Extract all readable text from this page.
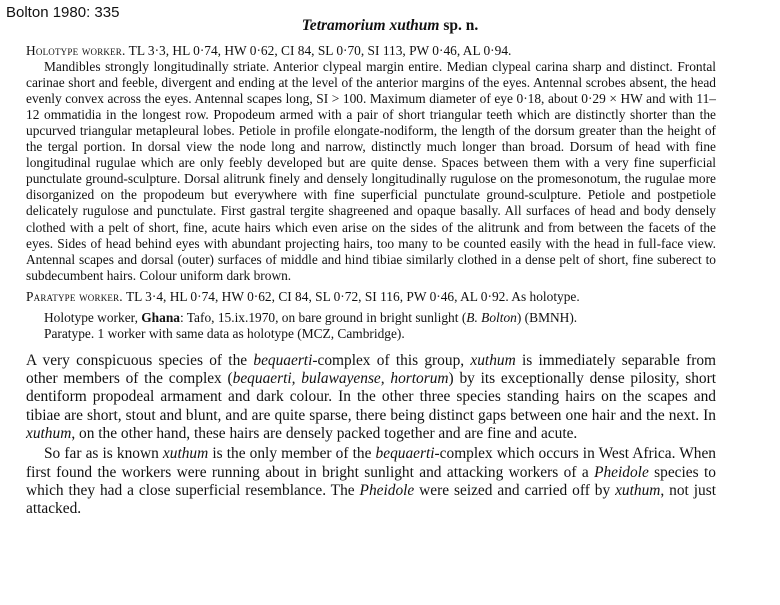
Bolton 1980: 335
Tetramorium xuthum sp. n.

Holotype worker. TL 3·3, HL 0·74, HW 0·62, CI 84, SL 0·70, SI 113, PW 0·46, AL 0·94.

Mandibles strongly longitudinally striate. Anterior clypeal margin entire. Median clypeal carina sharp and distinct. Frontal carinae short and feeble, divergent and ending at the level of the anterior margins of the eyes. Antennal scrobes absent, the head evenly convex across the eyes. Antennal scapes long, SI > 100. Maximum diameter of eye 0·18, about 0·29 × HW and with 11–12 ommatidia in the longest row. Propodeum armed with a pair of short triangular teeth which are distinctly shorter than the upcurved triangular metapleural lobes. Petiole in profile elongate-nodiform, the length of the dorsum greater than the height of the tergal portion. In dorsal view the node long and narrow, distinctly much longer than broad. Dorsum of head with fine longitudinal rugulae which are only feebly developed but are quite dense. Spaces between them with a very fine superficial punctulate ground-sculpture. Dorsal alitrunk finely and densely longitudinally rugulose on the promesonotum, the rugulae more disorganized on the propodeum but everywhere with fine superficial punctulate ground-sculpture. Petiole and postpetiole delicately rugulose and punctulate. First gastral tergite shagreened and opaque basally. All surfaces of head and body densely clothed with a pelt of short, fine, acute hairs which even arise on the sides of the alitrunk and from between the facets of the eyes. Sides of head behind eyes with abundant projecting hairs, too many to be counted easily with the head in full-face view. Antennal scapes and dorsal (outer) surfaces of middle and hind tibiae similarly clothed in a dense pelt of short, fine suberect to subdecumbent hairs. Colour uniform dark brown.

Paratype worker. TL 3·4, HL 0·74, HW 0·62, CI 84, SL 0·72, SI 116, PW 0·46, AL 0·92. As holotype.

Holotype worker, Ghana: Tafo, 15.ix.1970, on bare ground in bright sunlight (B. Bolton) (BMNH).

Paratype. 1 worker with same data as holotype (MCZ, Cambridge).

A very conspicuous species of the bequaerti-complex of this group, xuthum is immediately separable from other members of the complex (bequaerti, bulawayense, hortorum) by its exceptionally dense pilosity, short dentiform propodeal armament and dark colour. In the other three species standing hairs on the scapes and tibiae are short, stout and blunt, and are quite sparse, there being distinct gaps between one hair and the next. In xuthum, on the other hand, these hairs are densely packed together and are fine and acute.

So far as is known xuthum is the only member of the bequaerti-complex which occurs in West Africa. When first found the workers were running about in bright sunlight and attacking workers of a Pheidole species to which they had a close superficial resemblance. The Pheidole were seized and carried off by xuthum, not just attacked.
